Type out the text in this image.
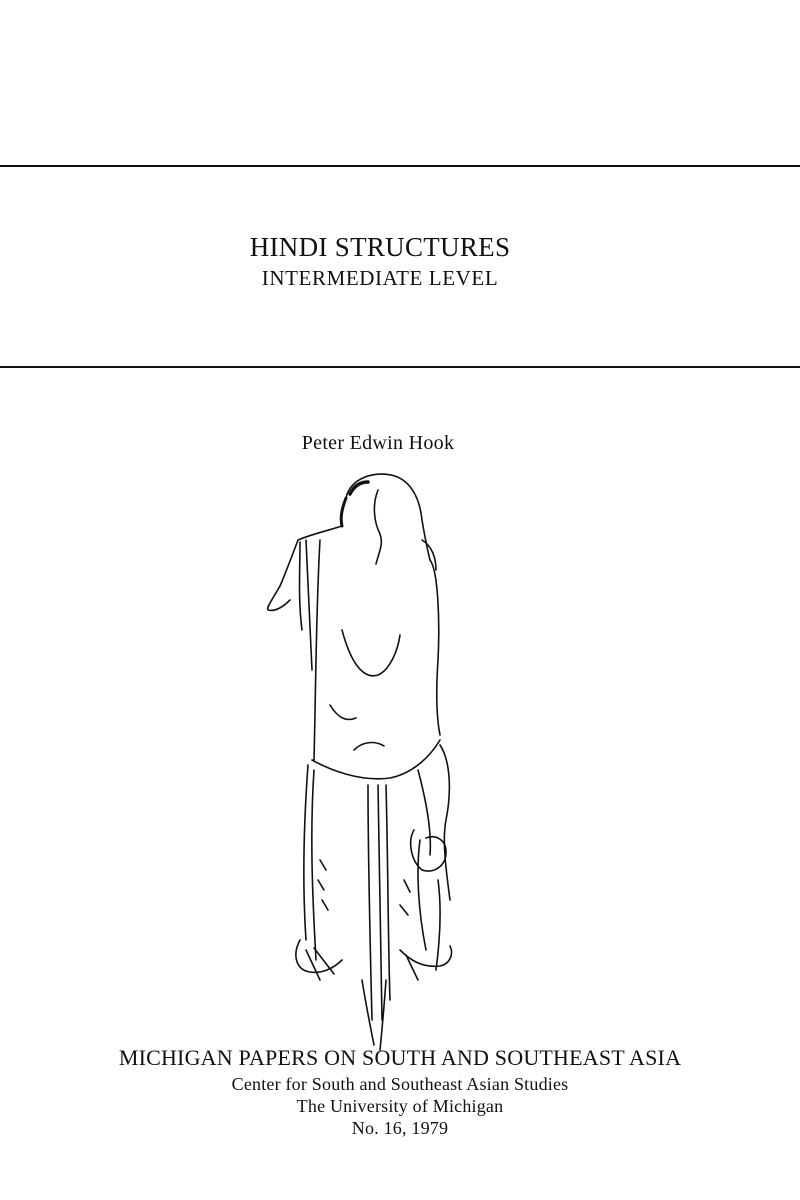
HINDI STRUCTURES
INTERMEDIATE LEVEL
Peter Edwin Hook
MICHIGAN PAPERS ON SOUTH AND SOUTHEAST ASIA
Center for South and Southeast Asian Studies
The University of Michigan
No. 16, 1979
